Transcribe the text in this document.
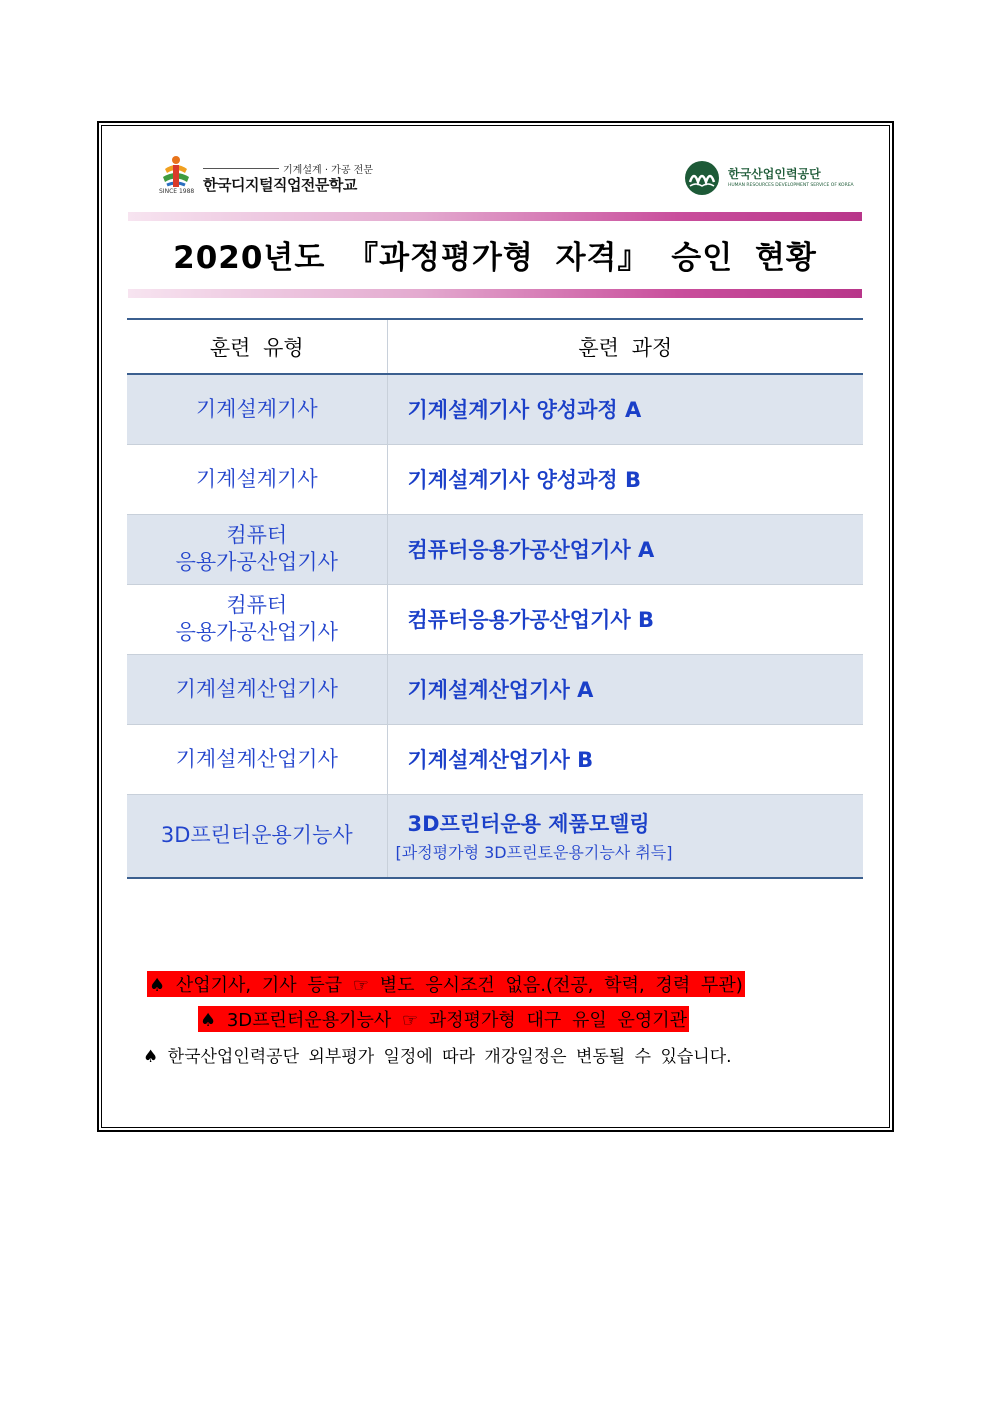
SINCE 1988
기계설계 · 가공 전문
한국디지털직업전문학교
한국산업인력공단
HUMAN RESOURCES DEVELOPMENT SERVICE OF KOREA
2020년도 『과정평가형 자격』 승인 현황
훈련 유형	훈련 과정
기계설계기사	기계설계기사 양성과정 A
기계설계기사	기계설계기사 양성과정 B
컴퓨터
응용가공산업기사	컴퓨터응용가공산업기사 A
컴퓨터
응용가공산업기사	컴퓨터응용가공산업기사 B
기계설계산업기사	기계설계산업기사 A
기계설계산업기사	기계설계산업기사 B
3D프린터운용기능사	3D프린터운용 제품모델링
[과정평가형 3D프린토운용기능사 취득]
♠ 산업기사, 기사 등급 ☞ 별도 응시조건 없음.(전공, 학력, 경력 무관)
♠ 3D프린터운용기능사 ☞ 과정평가형 대구 유일 운영기관
♠ 한국산업인력공단 외부평가 일정에 따라 개강일정은 변동될 수 있습니다.
